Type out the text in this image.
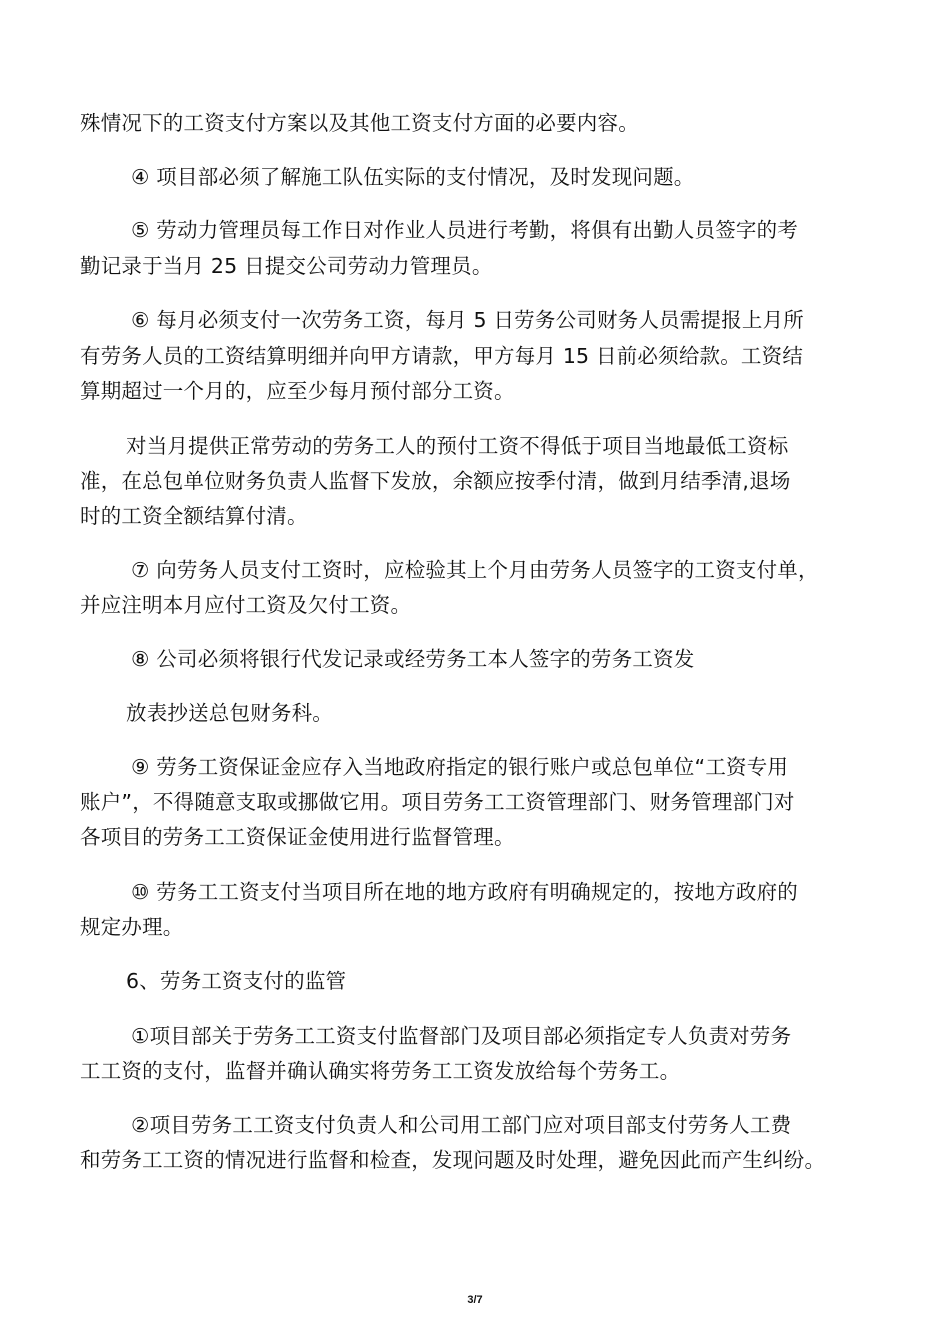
殊情况下的工资支付方案以及其他工资支付方面的必要内容。
④ 项目部必须了解施工队伍实际的支付情况，及时发现问题。
⑤ 劳动力管理员每工作日对作业人员进行考勤，将俱有出勤人员签字的考
勤记录于当月 25 日提交公司劳动力管理员。
⑥ 每月必须支付一次劳务工资，每月 5 日劳务公司财务人员需提报上月所
有劳务人员的工资结算明细并向甲方请款，甲方每月 15 日前必须给款。工资结
算期超过一个月的，应至少每月预付部分工资。
对当月提供正常劳动的劳务工人的预付工资不得低于项目当地最低工资标
准，在总包单位财务负责人监督下发放，余额应按季付清，做到月结季清,退场
时的工资全额结算付清。
⑦ 向劳务人员支付工资时，应检验其上个月由劳务人员签字的工资支付单，
并应注明本月应付工资及欠付工资。
⑧ 公司必须将银行代发记录或经劳务工本人签字的劳务工资发
放表抄送总包财务科。
⑨ 劳务工资保证金应存入当地政府指定的银行账户或总包单位“工资专用
账户”，不得随意支取或挪做它用。项目劳务工工资管理部门、财务管理部门对
各项目的劳务工工资保证金使用进行监督管理。
⑩ 劳务工工资支付当项目所在地的地方政府有明确规定的，按地方政府的
规定办理。
6、劳务工资支付的监管
①项目部关于劳务工工资支付监督部门及项目部必须指定专人负责对劳务
工工资的支付，监督并确认确实将劳务工工资发放给每个劳务工。
②项目劳务工工资支付负责人和公司用工部门应对项目部支付劳务人工费
和劳务工工资的情况进行监督和检查，发现问题及时处理，避免因此而产生纠纷。
3/7
